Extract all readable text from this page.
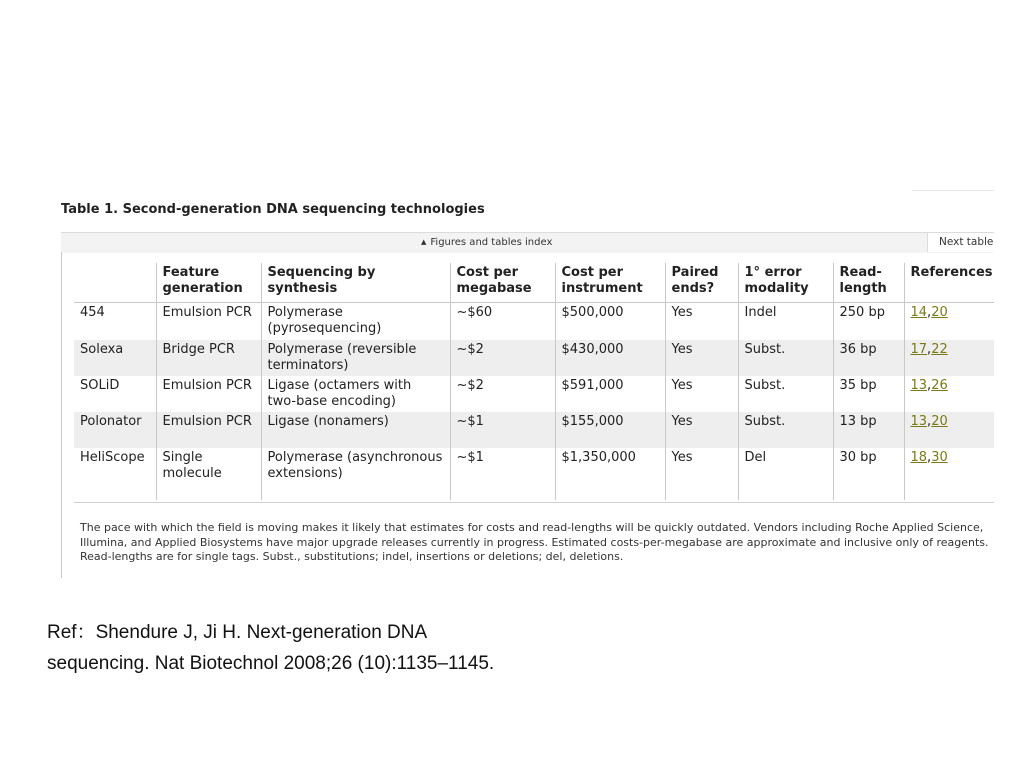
Table 1. Second-generation DNA sequencing technologies
▲ Figures and tables index	Next table
	Feature generation	Sequencing by synthesis	Cost per megabase	Cost per instrument	Paired ends?	1° error modality	Read-length	References
454	Emulsion PCR	Polymerase (pyrosequencing)	~$60	$500,000	Yes	Indel	250 bp	14,20
Solexa	Bridge PCR	Polymerase (reversible terminators)	~$2	$430,000	Yes	Subst.	36 bp	17,22
SOLiD	Emulsion PCR	Ligase (octamers with two-base encoding)	~$2	$591,000	Yes	Subst.	35 bp	13,26
Polonator	Emulsion PCR	Ligase (nonamers)	~$1	$155,000	Yes	Subst.	13 bp	13,20
HeliScope	Single molecule	Polymerase (asynchronous extensions)	~$1	$1,350,000	Yes	Del	30 bp	18,30
The pace with which the field is moving makes it likely that estimates for costs and read-lengths will be quickly outdated. Vendors including Roche Applied Science, Illumina, and Applied Biosystems have major upgrade releases currently in progress. Estimated costs-per-megabase are approximate and inclusive only of reagents. Read-lengths are for single tags. Subst., substitutions; indel, insertions or deletions; del, deletions.
Ref：Shendure J, Ji H. Next-generation DNA sequencing. Nat Biotechnol 2008;26 (10):1135–1145.
